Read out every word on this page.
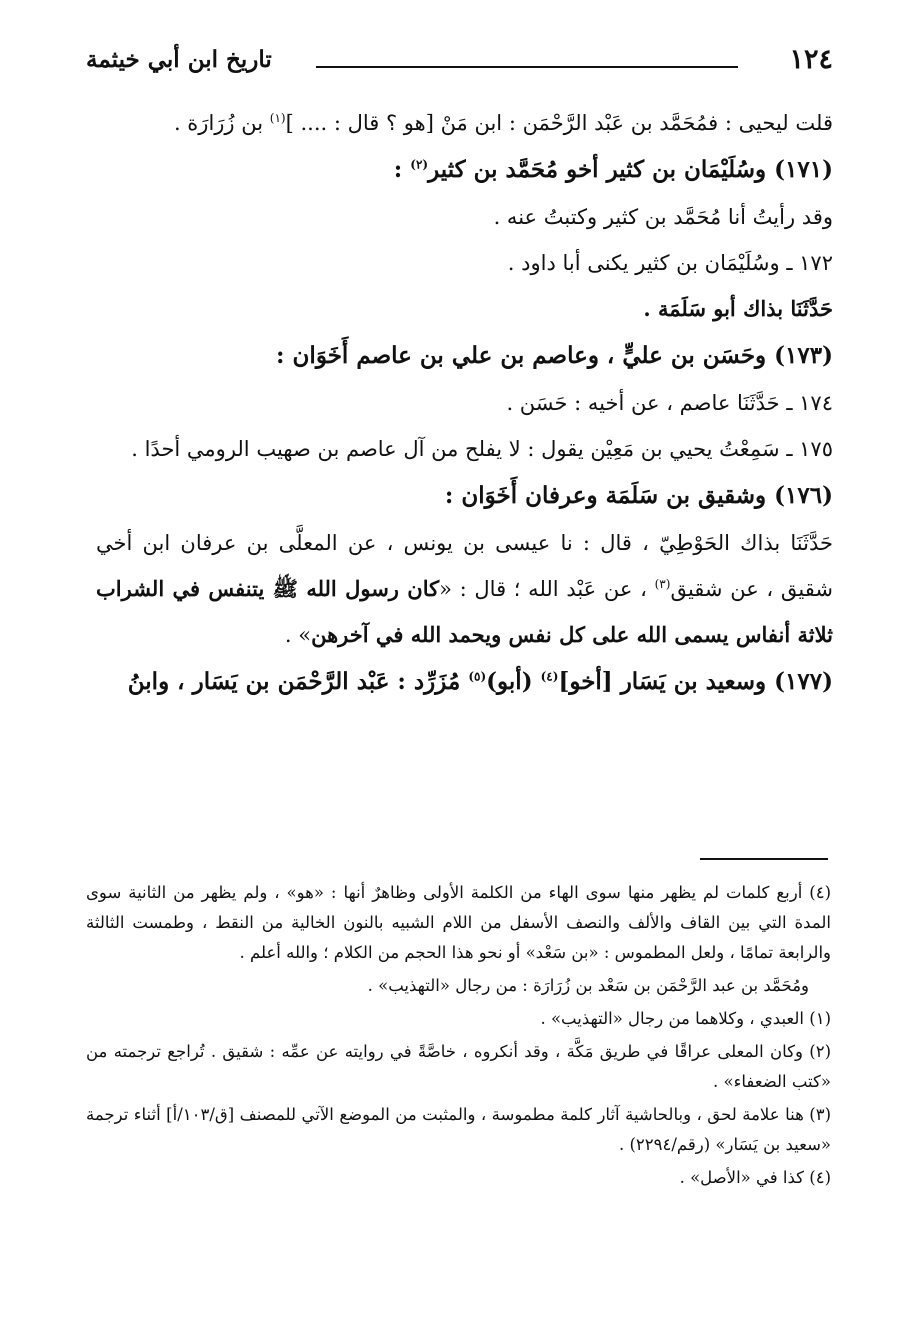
١٢٤
تاريخ ابن أبي خيثمة

قلت ليحيى : فمُحَمَّد بن عَبْد الرَّحْمَن : ابن مَنْ [هو ؟ قال : .... ]$^{(١)}$ بن زُرَارَة .

(١٧١) وسُلَيْمَان بن كثير أخو مُحَمَّد بن كثير$^{(٢)}$ :

وقد رأيتُ أنا مُحَمَّد بن كثير وكتبتُ عنه .

١٧٢ ـ وسُلَيْمَان بن كثير يكنى أبا داود .

حَدَّثَنَا بذاك أبو سَلَمَة .

(١٧٣) وحَسَن بن عليٍّ ، وعاصم بن علي بن عاصم أَخَوَان :

١٧٤ ـ حَدَّثَنَا عاصم ، عن أخيه : حَسَن .

١٧٥ ـ سَمِعْتُ يحيي بن مَعِيْن يقول : لا يفلح من آل عاصم بن صهيب الرومي أحدًا .

(١٧٦) وشقيق بن سَلَمَة وعرفان أَخَوَان :

حَدَّثَنَا بذاك الحَوْطِيّ ، قال : نا عيسى بن يونس ، عن المعلَّى بن عرفان ابن أخي شقيق ، عن شقيق$^{(٣)}$ ، عن عَبْد الله ؛ قال : «كان رسول الله ﷺ يتنفس في الشراب ثلاثة أنفاس يسمى الله على كل نفس ويحمد الله في آخرهن» .

(١٧٧) وسعيد بن يَسَار [أخو]$^{(٤)}$ (أبو)$^{(٥)}$ مُزَرِّد : عَبْد الرَّحْمَن بن يَسَار ، وابنُ

(٤) أربع كلمات لم يظهر منها سوى الهاء من الكلمة الأولى وظاهرٌ أنها : «هو» ، ولم يظهر من الثانية سوى المدة التي بين القاف والألف والنصف الأسفل من اللام الشبيه بالنون الخالية من النقط ، وطمست الثالثة والرابعة تمامًا ، ولعل المطموس : «بن سَعْد» أو نحو هذا الحجم من الكلام ؛ والله أعلم .

ومُحَمَّد بن عبد الرَّحْمَن بن سَعْد بن زُرَارَة : من رجال «التهذيب» .

(١) العبدي ، وكلاهما من رجال «التهذيب» .

(٢) وكان المعلى عراقًا في طريق مَكَّة ، وقد أنكروه ، خاصَّةً في روايته عن عمِّه : شقيق . تُراجع ترجمته من «كتب الضعفاء» .

(٣) هنا علامة لحق ، وبالحاشية آثار كلمة مطموسة ، والمثبت من الموضع الآتي للمصنف [ق/١٠٣/أ] أثناء ترجمة «سعيد بن يَسَار» (رقم/٢٢٩٤) .

(٤) كذا في «الأصل» .
